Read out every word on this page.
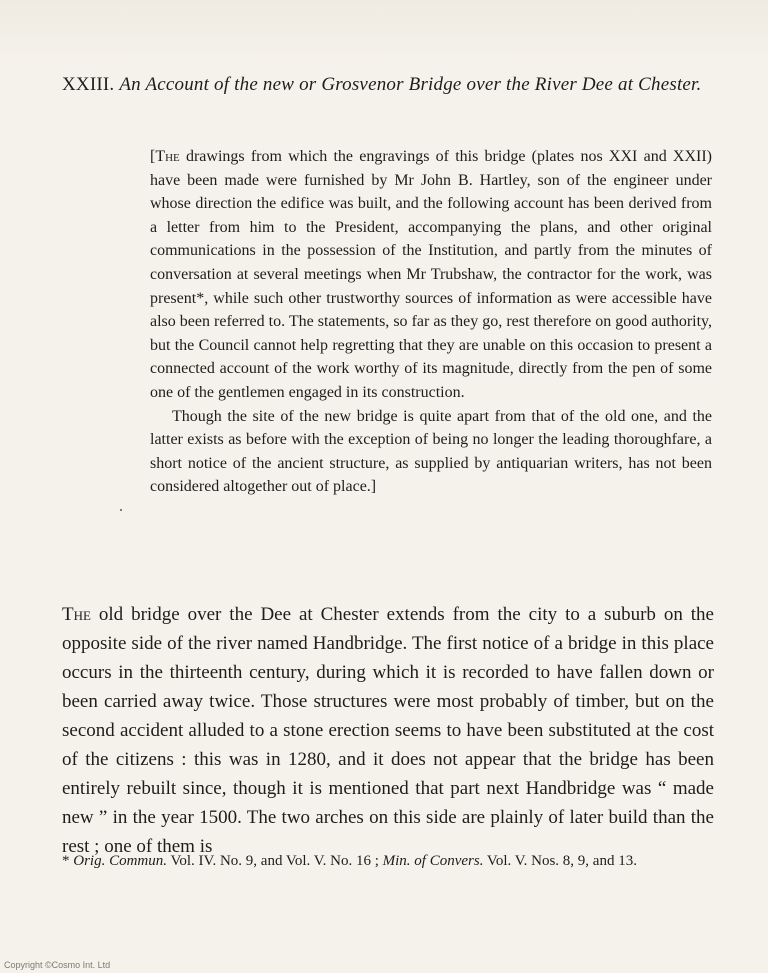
XXIII. An Account of the new or Grosvenor Bridge over the River Dee at Chester.

[The drawings from which the engravings of this bridge (plates nos XXI and XXII) have been made were furnished by Mr John B. Hartley, son of the engineer under whose direction the edifice was built, and the following account has been derived from a letter from him to the President, accompanying the plans, and other original communications in the possession of the Institution, and partly from the minutes of conversation at several meetings when Mr Trubshaw, the contractor for the work, was present*, while such other trustworthy sources of information as were accessible have also been referred to. The statements, so far as they go, rest therefore on good authority, but the Council cannot help regretting that they are unable on this occasion to present a connected account of the work worthy of its magnitude, directly from the pen of some one of the gentlemen engaged in its construction.

Though the site of the new bridge is quite apart from that of the old one, and the latter exists as before with the exception of being no longer the leading thoroughfare, a short notice of the ancient structure, as supplied by antiquarian writers, has not been considered altogether out of place.]

The old bridge over the Dee at Chester extends from the city to a suburb on the opposite side of the river named Handbridge. The first notice of a bridge in this place occurs in the thirteenth century, during which it is recorded to have fallen down or been carried away twice. Those structures were most probably of timber, but on the second accident alluded to a stone erection seems to have been substituted at the cost of the citizens : this was in 1280, and it does not appear that the bridge has been entirely rebuilt since, though it is mentioned that part next Handbridge was “ made new ” in the year 1500. The two arches on this side are plainly of later build than the rest ; one of them is

* Orig. Commun. Vol. IV. No. 9, and Vol. V. No. 16 ; Min. of Convers. Vol. V. Nos. 8, 9, and 13.
Copyright ©Cosmo Int. Ltd
